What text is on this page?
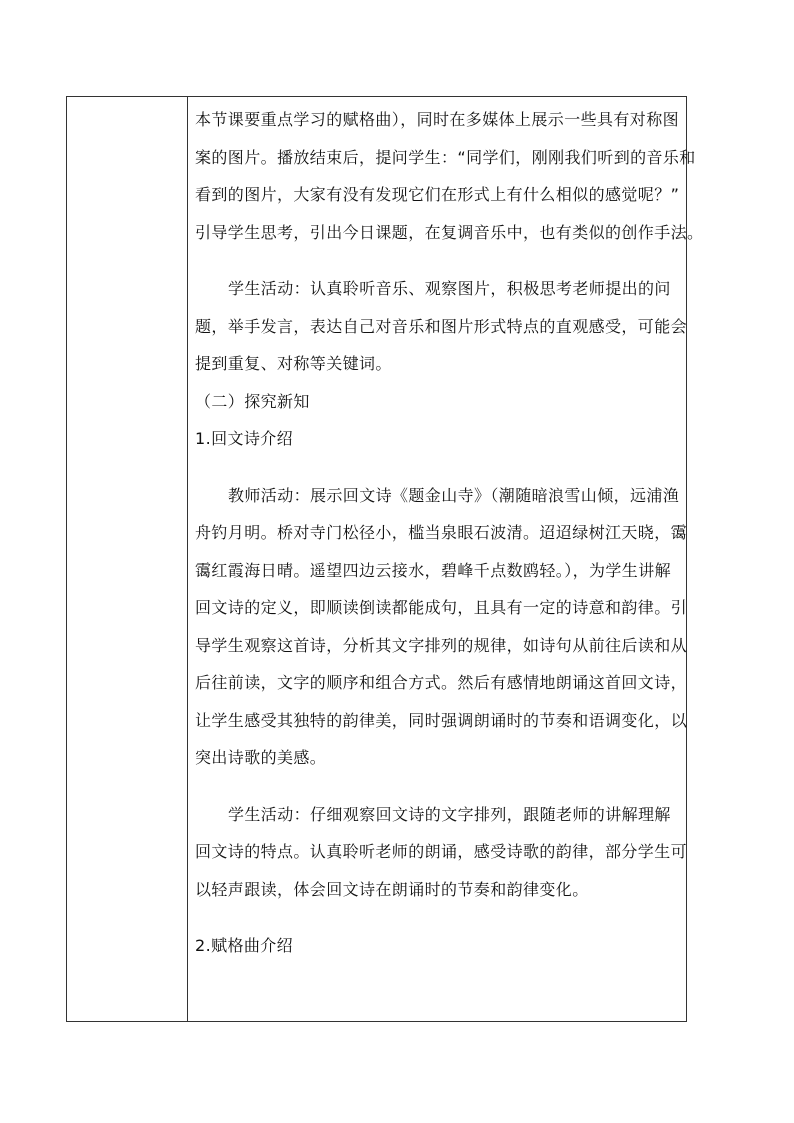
本节课要重点学习的赋格曲），同时在多媒体上展示一些具有对称图
案的图片。播放结束后，提问学生：“同学们，刚刚我们听到的音乐和
看到的图片，大家有没有发现它们在形式上有什么相似的感觉呢？”
引导学生思考，引出今日课题，在复调音乐中，也有类似的创作手法。
学生活动：认真聆听音乐、观察图片，积极思考老师提出的问
题，举手发言，表达自己对音乐和图片形式特点的直观感受，可能会
提到重复、对称等关键词。
（二）探究新知
1.回文诗介绍
教师活动：展示回文诗《题金山寺》（潮随暗浪雪山倾，远浦渔
舟钓月明。桥对寺门松径小，槛当泉眼石波清。迢迢绿树江天晓，霭
霭红霞海日晴。遥望四边云接水，碧峰千点数鸥轻。），为学生讲解
回文诗的定义，即顺读倒读都能成句，且具有一定的诗意和韵律。引
导学生观察这首诗，分析其文字排列的规律，如诗句从前往后读和从
后往前读，文字的顺序和组合方式。然后有感情地朗诵这首回文诗，
让学生感受其独特的韵律美，同时强调朗诵时的节奏和语调变化，以
突出诗歌的美感。
学生活动：仔细观察回文诗的文字排列，跟随老师的讲解理解
回文诗的特点。认真聆听老师的朗诵，感受诗歌的韵律，部分学生可
以轻声跟读，体会回文诗在朗诵时的节奏和韵律变化。
2.赋格曲介绍
